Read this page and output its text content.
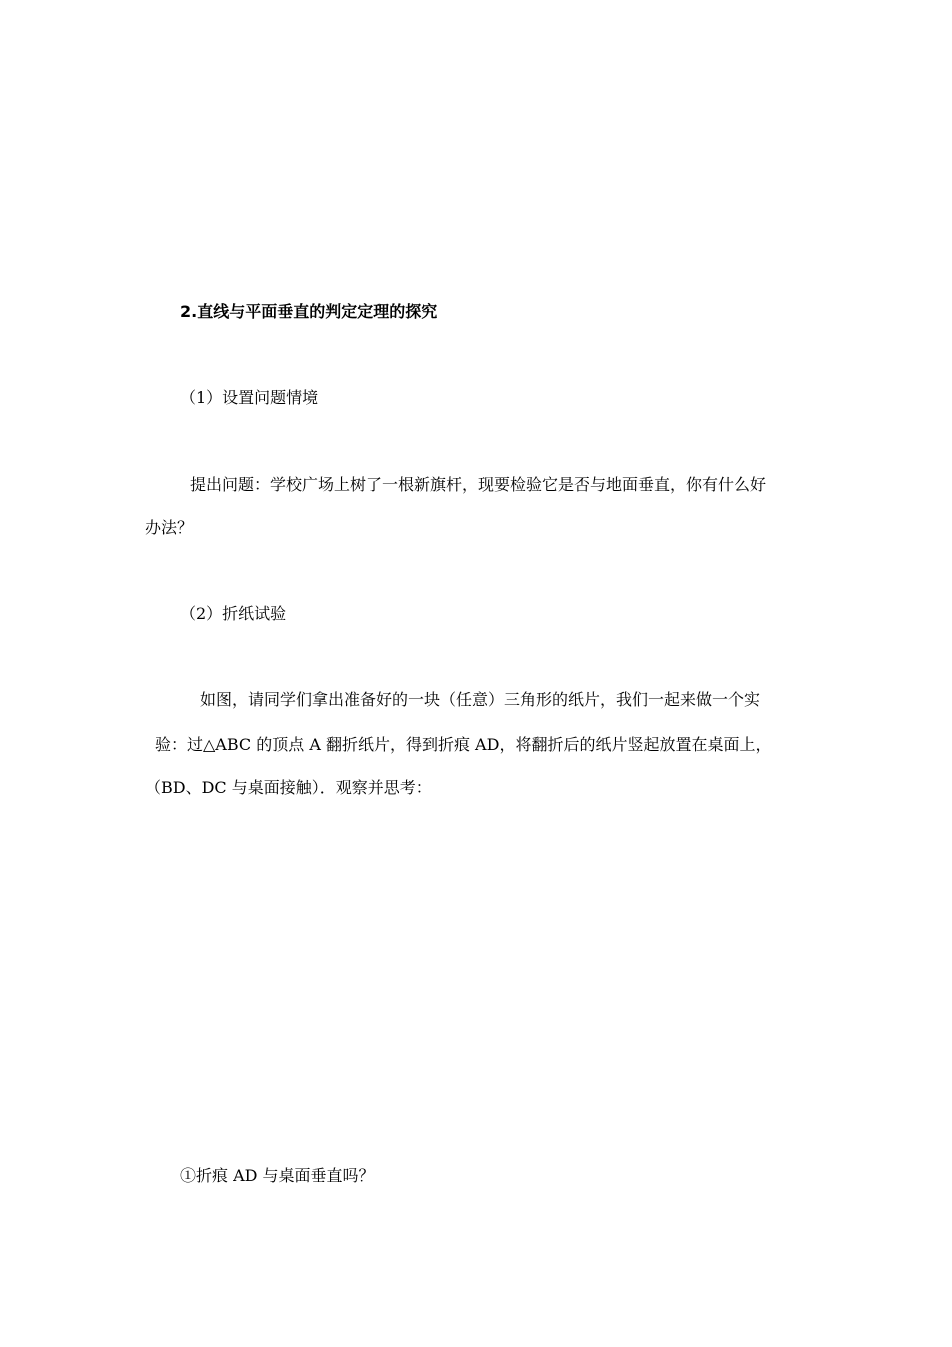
2.直线与平面垂直的判定定理的探究
（1）设置问题情境
提出问题：学校广场上树了一根新旗杆，现要检验它是否与地面垂直，你有什么好
办法？
（2）折纸试验
如图，请同学们拿出准备好的一块（任意）三角形的纸片，我们一起来做一个实
验：过△ABC 的顶点 A 翻折纸片，得到折痕 AD，将翻折后的纸片竖起放置在桌面上，
（BD、DC 与桌面接触）．观察并思考：
①折痕 AD 与桌面垂直吗？
